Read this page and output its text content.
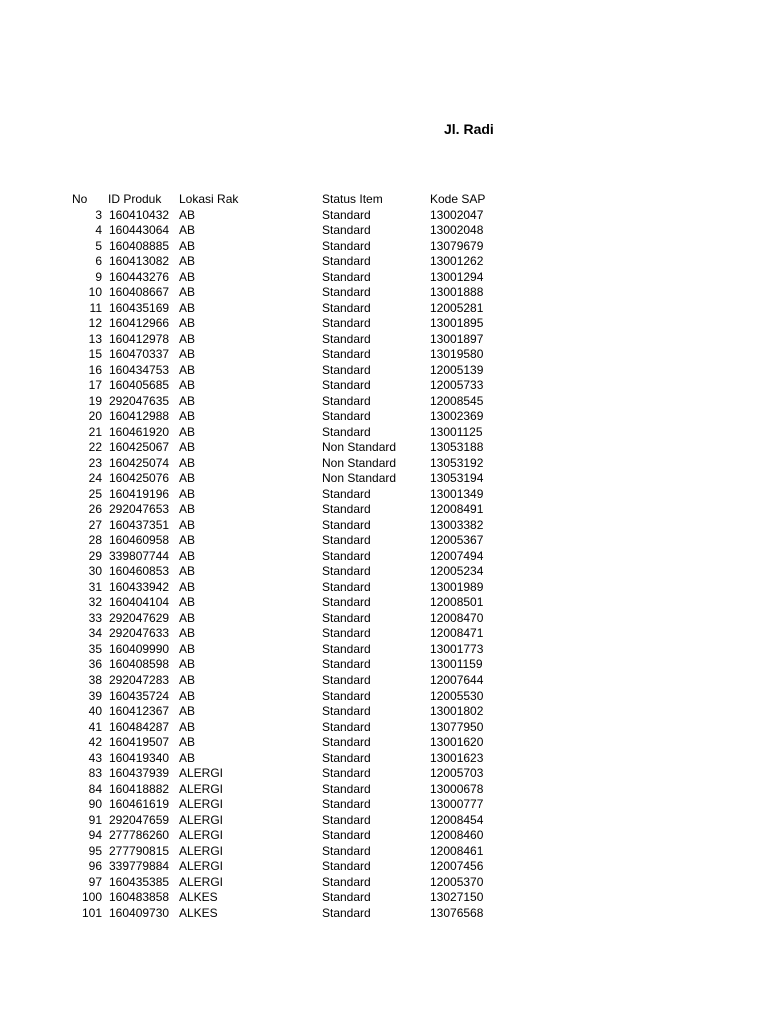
Jl. Radi
No ID Produk Lokasi Rak	Status Item	Kode SAP
3 160410432 AB	Standard	13002047
4 160443064 AB	Standard	13002048
5 160408885 AB	Standard	13079679
6 160413082 AB	Standard	13001262
9 160443276 AB	Standard	13001294
10 160408667 AB	Standard	13001888
11 160435169 AB	Standard	12005281
12 160412966 AB	Standard	13001895
13 160412978 AB	Standard	13001897
15 160470337 AB	Standard	13019580
16 160434753 AB	Standard	12005139
17 160405685 AB	Standard	12005733
19 292047635 AB	Standard	12008545
20 160412988 AB	Standard	13002369
21 160461920 AB	Standard	13001125
22 160425067 AB	Non Standard	13053188
23 160425074 AB	Non Standard	13053192
24 160425076 AB	Non Standard	13053194
25 160419196 AB	Standard	13001349
26 292047653 AB	Standard	12008491
27 160437351 AB	Standard	13003382
28 160460958 AB	Standard	12005367
29 339807744 AB	Standard	12007494
30 160460853 AB	Standard	12005234
31 160433942 AB	Standard	13001989
32 160404104 AB	Standard	12008501
33 292047629 AB	Standard	12008470
34 292047633 AB	Standard	12008471
35 160409990 AB	Standard	13001773
36 160408598 AB	Standard	13001159
38 292047283 AB	Standard	12007644
39 160435724 AB	Standard	12005530
40 160412367 AB	Standard	13001802
41 160484287 AB	Standard	13077950
42 160419507 AB	Standard	13001620
43 160419340 AB	Standard	13001623
83 160437939 ALERGI	Standard	12005703
84 160418882 ALERGI	Standard	13000678
90 160461619 ALERGI	Standard	13000777
91 292047659 ALERGI	Standard	12008454
94 277786260 ALERGI	Standard	12008460
95 277790815 ALERGI	Standard	12008461
96 339779884 ALERGI	Standard	12007456
97 160435385 ALERGI	Standard	12005370
100 160483858 ALKES	Standard	13027150
101 160409730 ALKES	Standard	13076568
